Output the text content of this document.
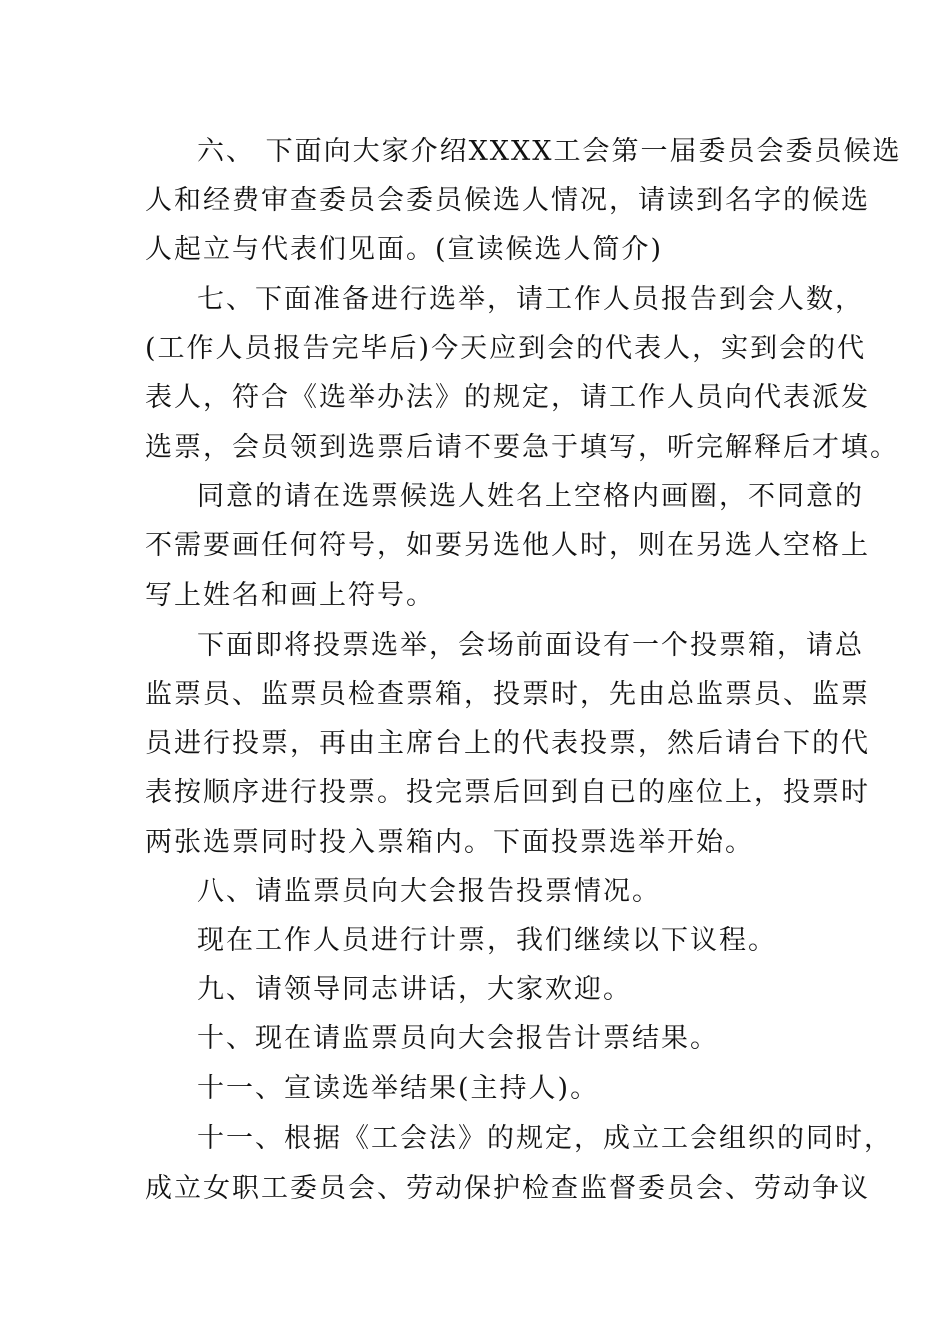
六、 下面向大家介绍XXXX工会第一届委员会委员候选
人和经费审查委员会委员候选人情况，请读到名字的候选
人起立与代表们见面。(宣读候选人简介)
七、下面准备进行选举，请工作人员报告到会人数，
(工作人员报告完毕后)今天应到会的代表人，实到会的代
表人，符合《选举办法》的规定，请工作人员向代表派发
选票，会员领到选票后请不要急于填写，听完解释后才填。
同意的请在选票候选人姓名上空格内画圈，不同意的
不需要画任何符号，如要另选他人时，则在另选人空格上
写上姓名和画上符号。
下面即将投票选举，会场前面设有一个投票箱，请总
监票员、监票员检查票箱，投票时，先由总监票员、监票
员进行投票，再由主席台上的代表投票，然后请台下的代
表按顺序进行投票。投完票后回到自已的座位上，投票时
两张选票同时投入票箱内。下面投票选举开始。
八、请监票员向大会报告投票情况。
现在工作人员进行计票，我们继续以下议程。
九、请领导同志讲话，大家欢迎。
十、现在请监票员向大会报告计票结果。
十一、宣读选举结果(主持人)。
十一、根据《工会法》的规定，成立工会组织的同时，
成立女职工委员会、劳动保护检查监督委员会、劳动争议
